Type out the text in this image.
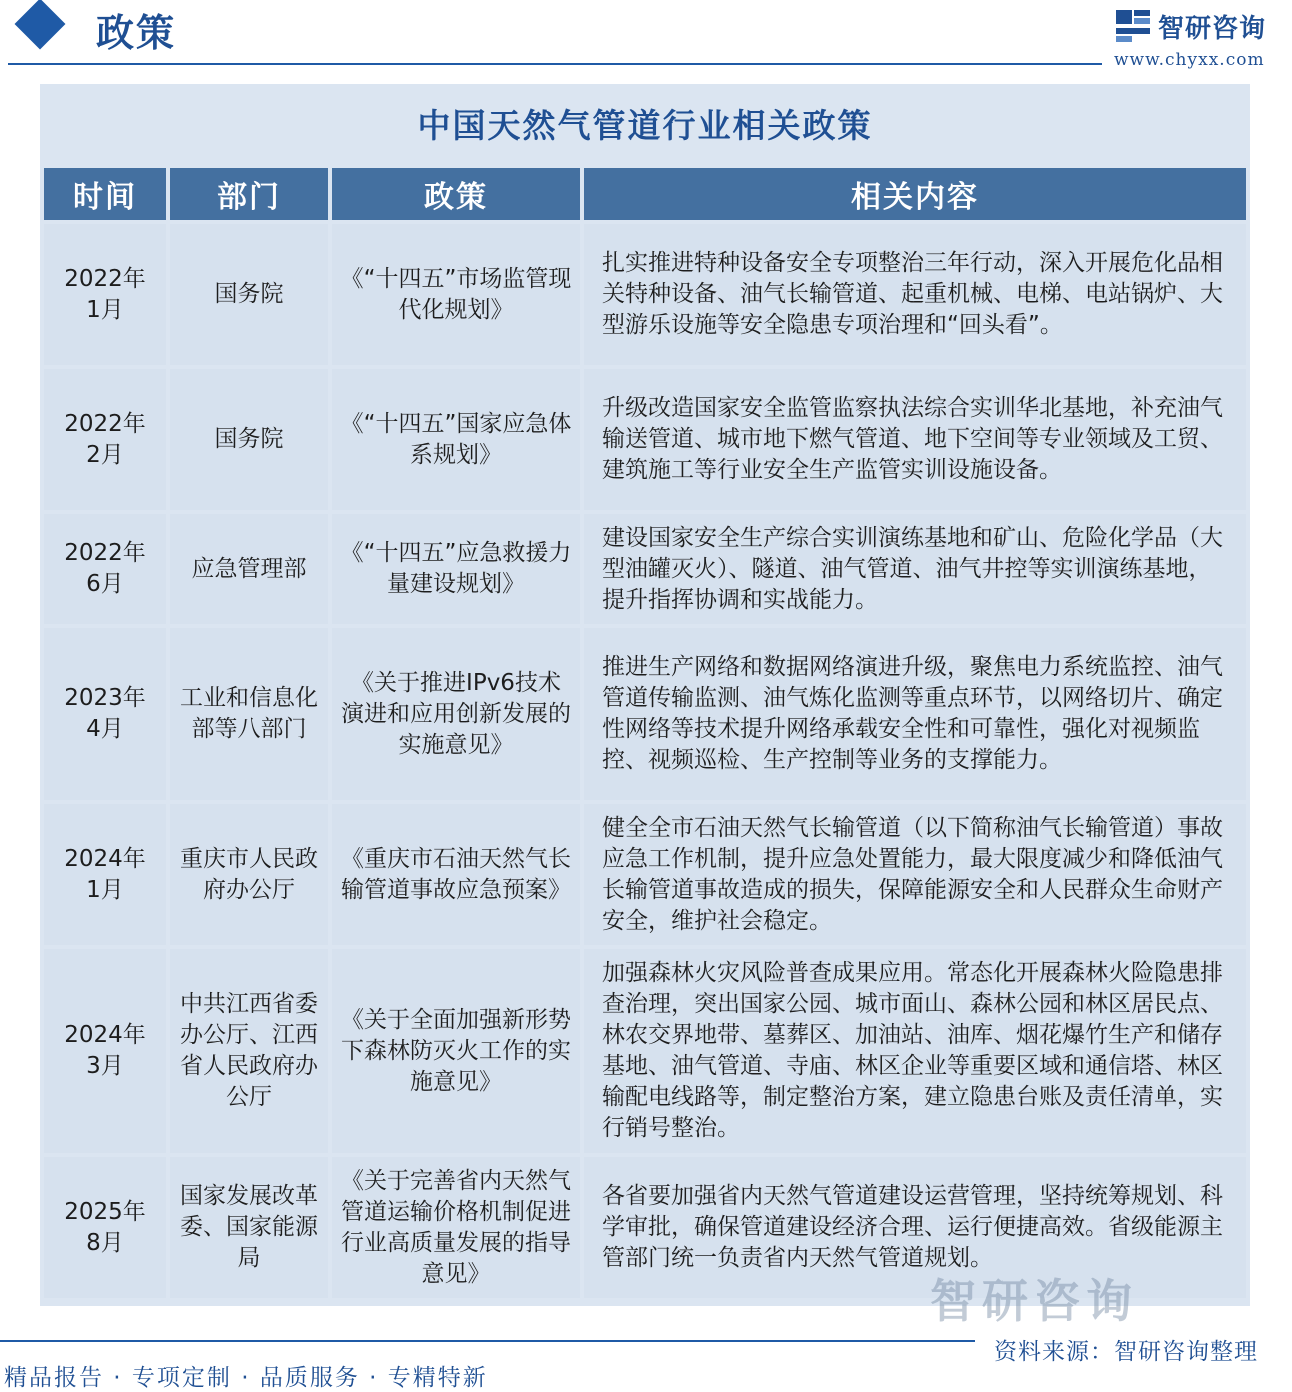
政策	智研咨询
www.chyxx.com
中国天然气管道行业相关政策
时间	部门	政策	相关内容
2022年
1月	国务院	《“十四五”市场监管现代化规划》	扎实推进特种设备安全专项整治三年行动，深入开展危化品相关特种设备、油气长输管道、起重机械、电梯、电站锅炉、大型游乐设施等安全隐患专项治理和“回头看”。
2022年
2月	国务院	《“十四五”国家应急体系规划》	升级改造国家安全监管监察执法综合实训华北基地，补充油气输送管道、城市地下燃气管道、地下空间等专业领域及工贸、建筑施工等行业安全生产监管实训设施设备。
2022年
6月	应急管理部	《“十四五”应急救援力量建设规划》	建设国家安全生产综合实训演练基地和矿山、危险化学品（大型油罐灭火）、隧道、油气管道、油气井控等实训演练基地，提升指挥协调和实战能力。
2023年
4月	工业和信息化部等八部门	《关于推进IPv6技术演进和应用创新发展的实施意见》	推进生产网络和数据网络演进升级，聚焦电力系统监控、油气管道传输监测、油气炼化监测等重点环节，以网络切片、确定性网络等技术提升网络承载安全性和可靠性，强化对视频监控、视频巡检、生产控制等业务的支撑能力。
2024年
1月	重庆市人民政府办公厅	《重庆市石油天然气长输管道事故应急预案》	健全全市石油天然气长输管道（以下简称油气长输管道）事故应急工作机制，提升应急处置能力，最大限度减少和降低油气长输管道事故造成的损失，保障能源安全和人民群众生命财产安全，维护社会稳定。
2024年
3月	中共江西省委办公厅、江西省人民政府办公厅	《关于全面加强新形势下森林防灭火工作的实施意见》	加强森林火灾风险普查成果应用。常态化开展森林火险隐患排查治理，突出国家公园、城市面山、森林公园和林区居民点、林农交界地带、墓葬区、加油站、油库、烟花爆竹生产和储存基地、油气管道、寺庙、林区企业等重要区域和通信塔、林区输配电线路等，制定整治方案，建立隐患台账及责任清单，实行销号整治。
2025年
8月	国家发展改革委、国家能源局	《关于完善省内天然气管道运输价格机制促进行业高质量发展的指导意见》	各省要加强省内天然气管道建设运营管理，坚持统筹规划、科学审批，确保管道建设经济合理、运行便捷高效。省级能源主管部门统一负责省内天然气管道规划。
智研咨询
资料来源：智研咨询整理
精品报告 · 专项定制 · 品质服务 · 专精特新
